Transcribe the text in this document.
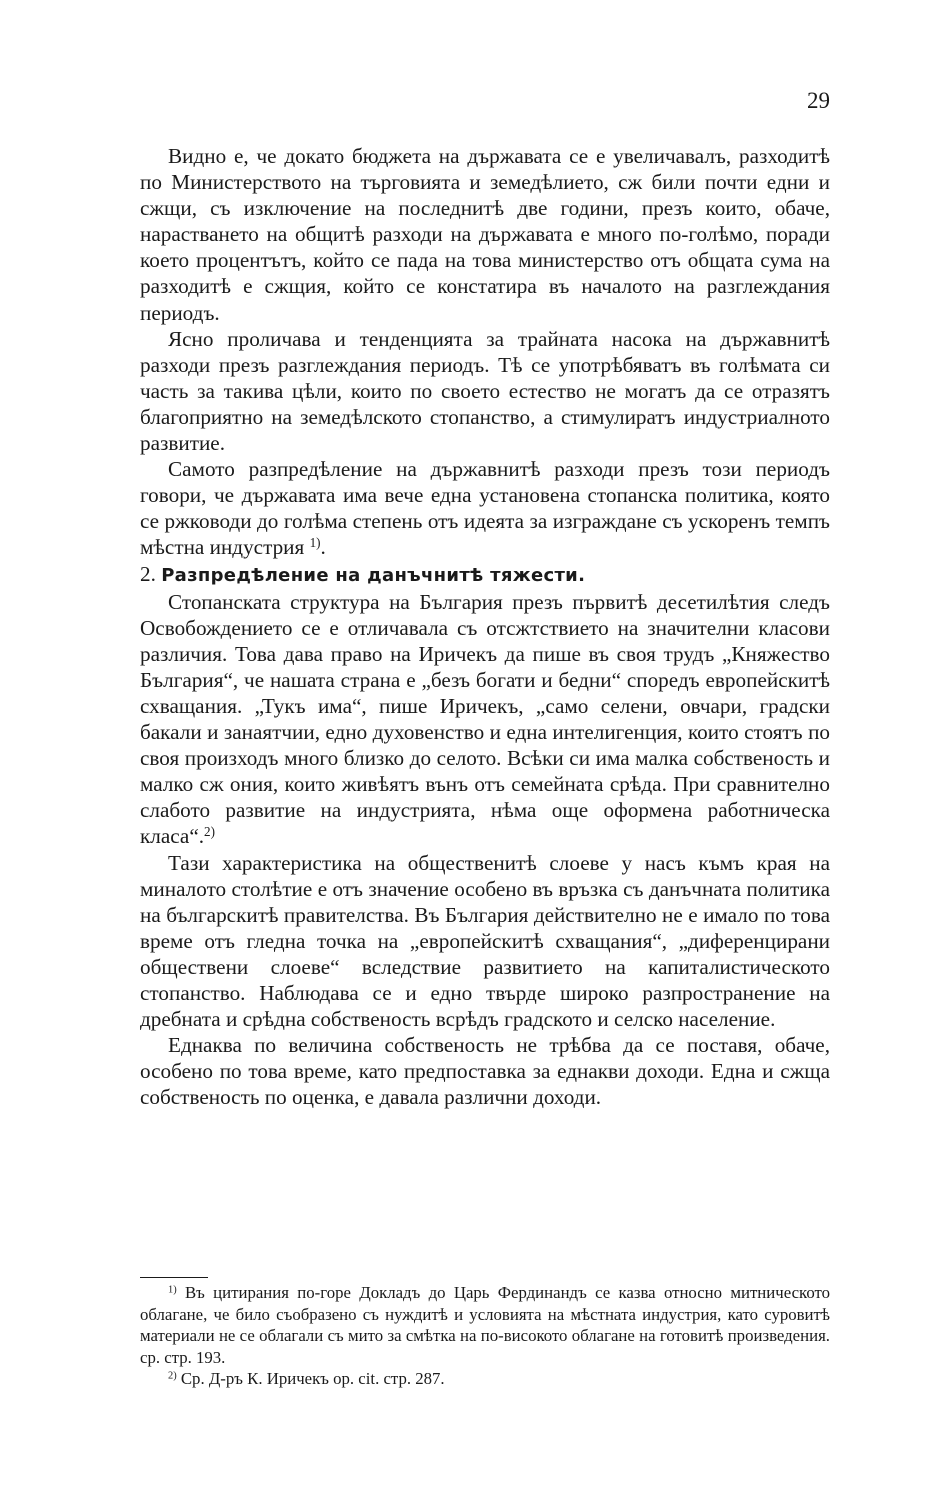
29

Видно е, че докато бюджета на държавата се е увеличавалъ, разходитѣ по Министерството на търговията и земедѣлието, сж били почти едни и сжщи, съ изключение на последнитѣ две години, презъ които, обаче, нарастването на общитѣ разходи на държавата е много по-голѣмо, поради което процентътъ, който се пада на това министерство отъ общата сума на разходитѣ е сжщия, който се констатира въ началото на разглеждания периодъ.

Ясно проличава и тенденцията за трайната насока на държавнитѣ разходи презъ разглеждания периодъ. Тѣ се употрѣбяватъ въ голѣмата си часть за такива цѣли, които по своето естество не могатъ да се отразятъ благоприятно на земедѣлското стопанство, а стимулиратъ индустриалното развитие.

Самото разпредѣление на държавнитѣ разходи презъ този периодъ говори, че държавата има вече една установена стопанска политика, която се ржководи до голѣма степень отъ идеята за изграждане съ ускоренъ темпъ мѣстна индустрия $^{1)}$.

2. Разпредѣление на данъчнитѣ тяжести.

Стопанската структура на България презъ първитѣ десетилѣтия следъ Освобождението се е отличавала съ отсжтствието на значителни класови различия. Това дава право на Иричекъ да пише въ своя трудъ „Княжество България“, че нашата страна е „безъ богати и бедни“ споредъ европейскитѣ схващания. „Тукъ има“, пише Иричекъ, „само селени, овчари, градски бакали и занаятчии, едно духовенство и една интелигенция, които стоятъ по своя произходъ много близко до селото. Всѣки си има малка собственость и малко сж ония, които живѣятъ вънъ отъ семейната срѣда. При сравнително слабото развитие на индустрията, нѣма още оформена работническа класа“.$^{2)}$

Тази характеристика на общественитѣ слоеве у насъ къмъ края на миналото столѣтие е отъ значение особено въ връзка съ данъчната политика на българскитѣ правителства. Въ България действително не е имало по това време отъ гледна точка на „европейскитѣ схващания“, „диференцирани обществени слоеве“ вследствие развитието на капиталистическото стопанство. Наблюдава се и едно твърде широко разпространение на дребната и срѣдна собственость всрѣдъ градското и селско население.

Еднаква по величина собственость не трѣбва да се поставя, обаче, особено по това време, като предпоставка за еднакви доходи. Една и сжща собственость по оценка, е давала различни доходи.

$^{1)}$ Въ цитирания по-горе Докладъ до Царь Фердинандъ се казва относно митническото облагане, че било съобразено съ нуждитѣ и условията на мѣстната индустрия, като суровитѣ материали не се облагали съ мито за смѣтка на по-високото облагане на готовитѣ произведения. ср. стр. 193.

$^{2)}$ Ср. Д-ръ К. Иричекъ op. cit. стр. 287.
